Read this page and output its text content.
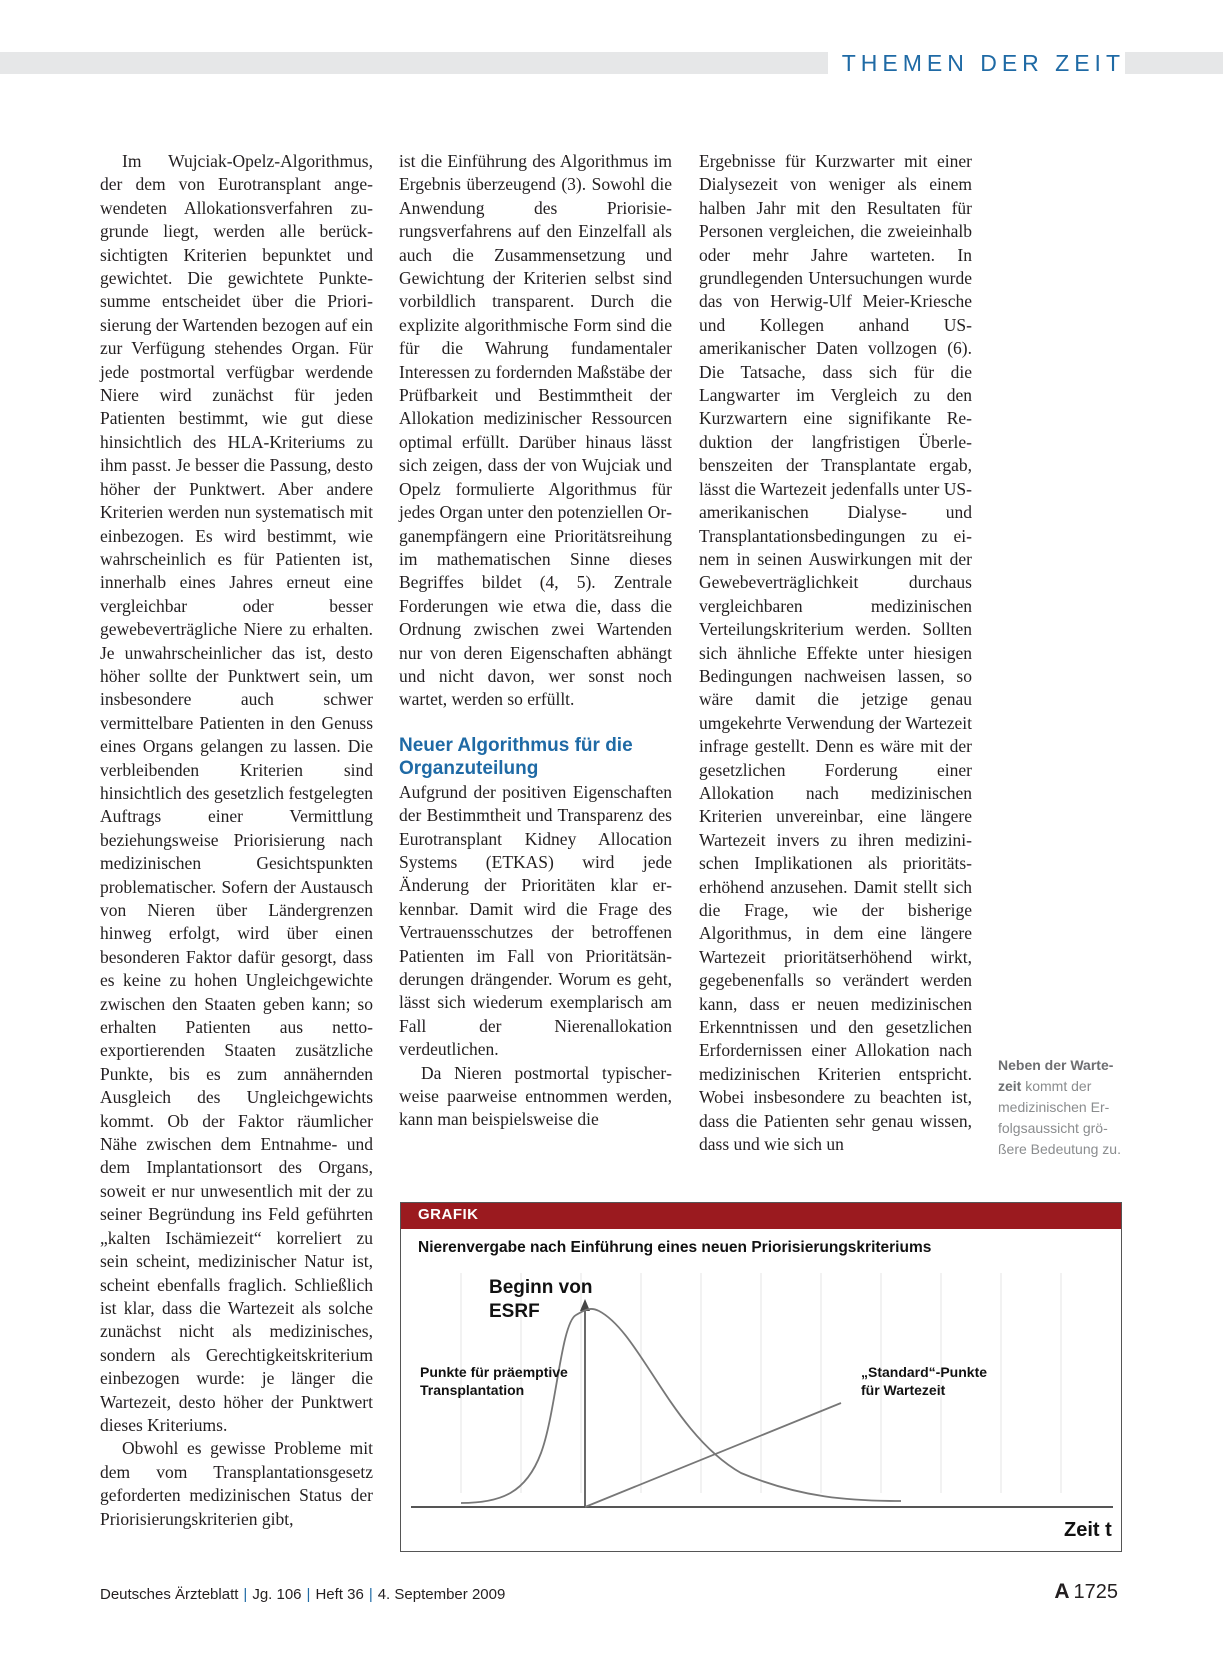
THEMEN DER ZEIT

Im Wujciak-Opelz-Algorithmus, der dem von Eurotransplant angewendeten Allokationsverfahren zugrunde liegt, werden alle berücksichtigten Kriterien bepunktet und gewichtet. Die gewichtete Punktesumme entscheidet über die Priorisierung der Wartenden bezogen auf ein zur Verfügung stehendes Organ. Für jede postmortal verfügbar werdende Niere wird zunächst für jeden Patienten bestimmt, wie gut diese hinsichtlich des HLA-Kriteriums zu ihm passt. Je besser die Passung, desto höher der Punktwert. Aber andere Kriterien werden nun systematisch mit einbezogen. Es wird bestimmt, wie wahrscheinlich es für Patienten ist, innerhalb eines Jahres erneut eine vergleichbar oder besser gewebeverträgliche Niere zu erhalten. Je unwahrscheinlicher das ist, desto höher sollte der Punktwert sein, um insbesondere auch schwer vermittelbare Patienten in den Genuss eines Organs gelangen zu lassen. Die verbleibenden Kriterien sind hinsichtlich des gesetzlich festgelegten Auftrags einer Vermittlung beziehungsweise Priorisierung nach medizinischen Gesichtspunkten problematischer. Sofern der Austausch von Nieren über Ländergrenzen hinweg erfolgt, wird über einen besonderen Faktor dafür gesorgt, dass es keine zu hohen Ungleichgewichte zwischen den Staaten geben kann; so erhalten Patienten aus netto-exportierenden Staaten zusätzliche Punkte, bis es zum annähernden Ausgleich des Ungleichgewichts kommt. Ob der Faktor räumlicher Nähe zwischen dem Entnahme- und dem Implantationsort des Organs, soweit er nur unwesentlich mit der zu seiner Begründung ins Feld geführten „kalten Ischämiezeit“ korreliert zu sein scheint, medizinischer Natur ist, scheint ebenfalls fraglich. Schließlich ist klar, dass die Wartezeit als solche zunächst nicht als medizinisches, sondern als Gerechtigkeitskriterium einbezogen wurde: je länger die Wartezeit, desto höher der Punktwert dieses Kriteriums.

Obwohl es gewisse Probleme mit dem vom Transplantationsgesetz geforderten medizinischen Status der Priorisierungskriterien gibt,

ist die Einführung des Algorithmus im Ergebnis überzeugend (3). Sowohl die Anwendung des Priorisierungsverfahrens auf den Einzelfall als auch die Zusammensetzung und Gewichtung der Kriterien selbst sind vorbildlich transparent. Durch die explizite algorithmische Form sind die für die Wahrung fundamentaler Interessen zu fordernden Maßstäbe der Prüfbarkeit und Bestimmtheit der Allokation medizinischer Ressourcen optimal erfüllt. Darüber hinaus lässt sich zeigen, dass der von Wujciak und Opelz formulierte Algorithmus für jedes Organ unter den potenziellen Organempfängern eine Prioritätsreihung im mathematischen Sinne dieses Begriffes bildet (4, 5). Zentrale Forderungen wie etwa die, dass die Ordnung zwischen zwei Wartenden nur von deren Eigenschaften abhängt und nicht davon, wer sonst noch wartet, werden so erfüllt.

Neuer Algorithmus für die Organzuteilung

Aufgrund der positiven Eigenschaften der Bestimmtheit und Transparenz des Eurotransplant Kidney Allocation Systems (ETKAS) wird jede Änderung der Prioritäten klar erkennbar. Damit wird die Frage des Vertrauensschutzes der betroffenen Patienten im Fall von Prioritätsänderungen drängender. Worum es geht, lässt sich wiederum exemplarisch am Fall der Nierenallokation verdeutlichen.

Da Nieren postmortal typischerweise paarweise entnommen werden, kann man beispielsweise die

Ergebnisse für Kurzwarter mit einer Dialysezeit von weniger als einem halben Jahr mit den Resultaten für Personen vergleichen, die zweieinhalb oder mehr Jahre warteten. In grundlegenden Untersuchungen wurde das von Herwig-Ulf Meier-Kriesche und Kollegen anhand US-amerikanischer Daten vollzogen (6). Die Tatsache, dass sich für die Langwarter im Vergleich zu den Kurzwartern eine signifikante Reduktion der langfristigen Überlebenszeiten der Transplantate ergab, lässt die Wartezeit jedenfalls unter US-amerikanischen Dialyse- und Transplantationsbedingungen zu einem in seinen Auswirkungen mit der Gewebeverträglichkeit durchaus vergleichbaren medizinischen Verteilungskriterium werden. Sollten sich ähnliche Effekte unter hiesigen Bedingungen nachweisen lassen, so wäre damit die jetzige genau umgekehrte Verwendung der Wartezeit infrage gestellt. Denn es wäre mit der gesetzlichen Forderung einer Allokation nach medizinischen Kriterien unvereinbar, eine längere Wartezeit invers zu ihren medizinischen Implikationen als prioritätserhöhend anzusehen. Damit stellt sich die Frage, wie der bisherige Algorithmus, in dem eine längere Wartezeit prioritätserhöhend wirkt, gegebenenfalls so verändert werden kann, dass er neuen medizinischen Erkenntnissen und den gesetzlichen Erfordernissen einer Allokation nach medizinischen Kriterien entspricht. Wobei insbesondere zu beachten ist, dass die Patienten sehr genau wissen, dass und wie sich un

Neben der Wartezeit kommt der medizinischen Erfolgsaussicht größere Bedeutung zu.
GRAFIK
Nierenvergabe nach Einführung eines neuen Priorisierungskriteriums
Beginn von
ESRF
Punkte für präemptive
Transplantation
„Standard“-Punkte
für Wartezeit
Zeit t
Deutsches Ärzteblatt | Jg. 106 | Heft 36 | 4. September 2009	A 1725
